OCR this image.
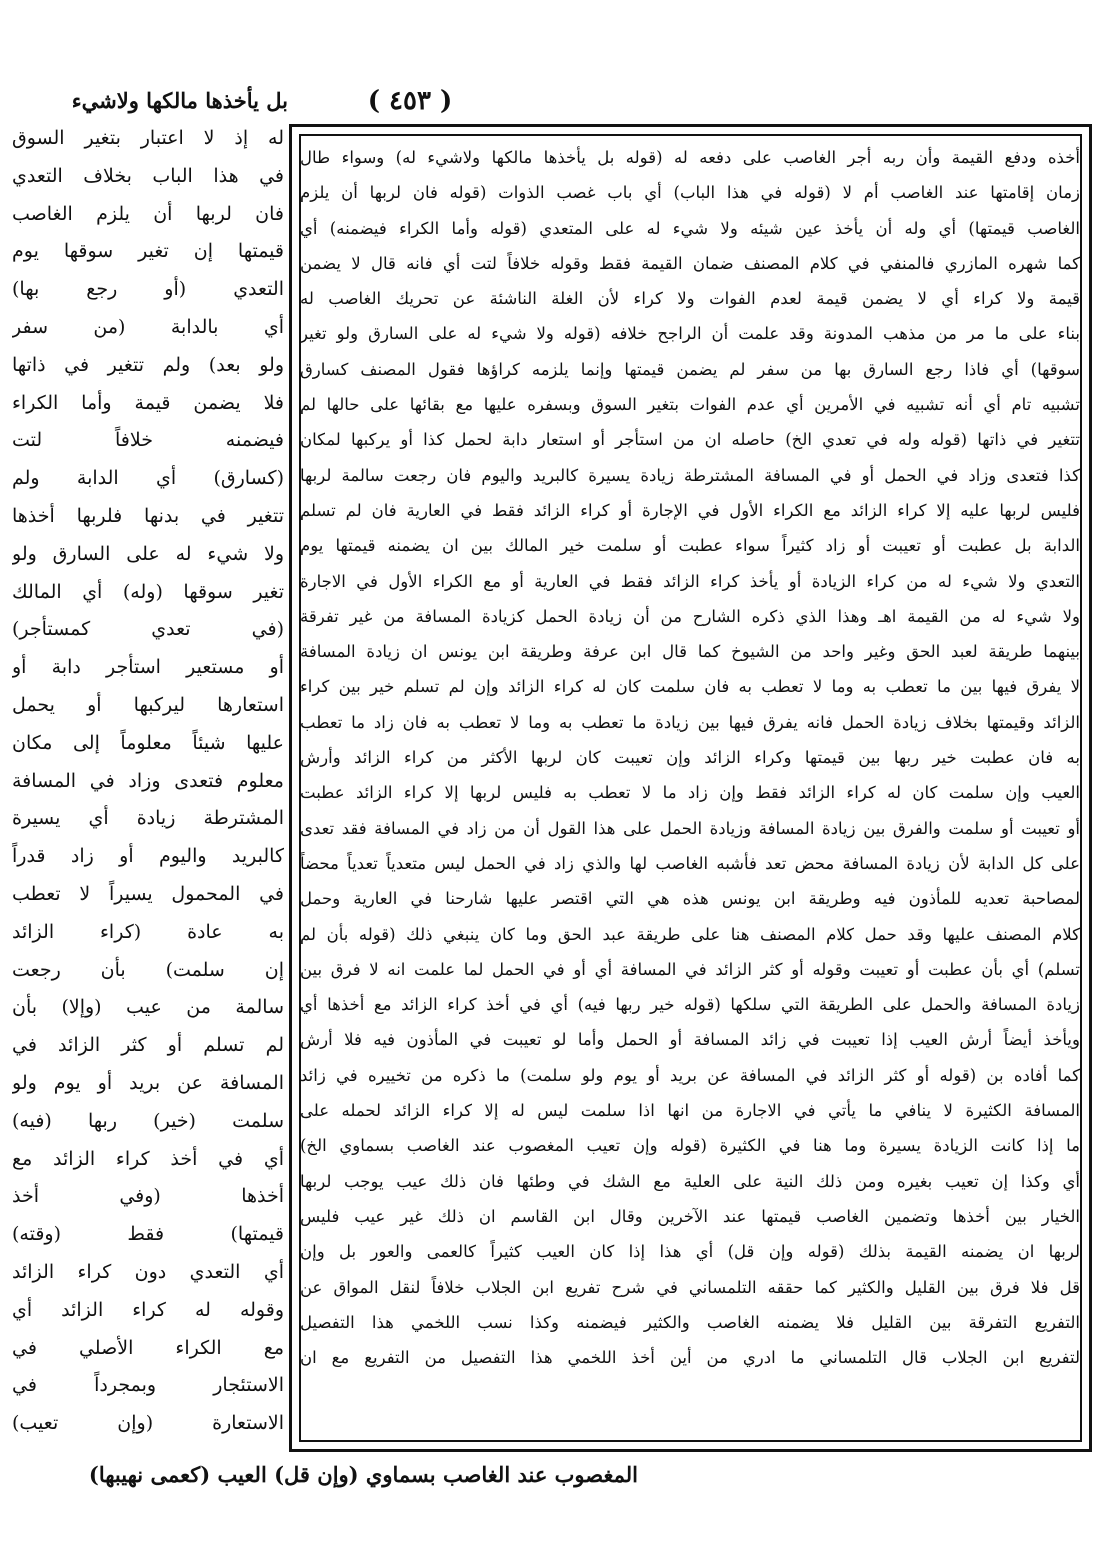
بل يأخذها مالكها ولاشيء	( ٤٥٣ )
أخذه ودفع القيمة وأن ربه أجر الغاصب على دفعه له (قوله بل يأخذها مالكها ولاشيء له) وسواء طال
زمان إقامتها عند الغاصب أم لا (قوله في هذا الباب) أي باب غصب الذوات (قوله فان لربها أن يلزم
الغاصب قيمتها) أي وله أن يأخذ عين شيئه ولا شيء له على المتعدي (قوله وأما الكراء فيضمنه) أي
كما شهره المازري فالمنفي في كلام المصنف ضمان القيمة فقط وقوله خلافاً لتت أي فانه قال لا يضمن
قيمة ولا كراء أي لا يضمن قيمة لعدم الفوات ولا كراء لأن الغلة الناشئة عن تحريك الغاصب له
بناء على ما مر من مذهب المدونة وقد علمت أن الراجح خلافه (قوله ولا شيء له على السارق ولو تغير
سوقها) أي فاذا رجع السارق بها من سفر لم يضمن قيمتها وإنما يلزمه كراؤها فقول المصنف كسارق
تشبيه تام أي أنه تشبيه في الأمرين أي عدم الفوات بتغير السوق وبسفره عليها مع بقائها على حالها لم
تتغير في ذاتها (قوله وله في تعدي الخ) حاصله ان من استأجر أو استعار دابة لحمل كذا أو يركبها لمكان
كذا فتعدى وزاد في الحمل أو في المسافة المشترطة زيادة يسيرة كالبريد واليوم فان رجعت سالمة لربها
فليس لربها عليه إلا كراء الزائد مع الكراء الأول في الإجارة أو كراء الزائد فقط في العارية فان لم تسلم
الدابة بل عطبت أو تعيبت أو زاد كثيراً سواء عطبت أو سلمت خير المالك بين ان يضمنه قيمتها يوم
التعدي ولا شيء له من كراء الزيادة أو يأخذ كراء الزائد فقط في العارية أو مع الكراء الأول في الاجارة
ولا شيء له من القيمة اهـ وهذا الذي ذكره الشارح من أن زيادة الحمل كزيادة المسافة من غير تفرقة
بينهما طريقة لعبد الحق وغير واحد من الشيوخ كما قال ابن عرفة وطريقة ابن يونس ان زيادة المسافة
لا يفرق فيها بين ما تعطب به وما لا تعطب به فان سلمت كان له كراء الزائد وإن لم تسلم خير بين كراء
الزائد وقيمتها بخلاف زيادة الحمل فانه يفرق فيها بين زيادة ما تعطب به وما لا تعطب به فان زاد ما تعطب
به فان عطبت خير ربها بين قيمتها وكراء الزائد وإن تعيبت كان لربها الأكثر من كراء الزائد وأرش
العيب وإن سلمت كان له كراء الزائد فقط وإن زاد ما لا تعطب به فليس لربها إلا كراء الزائد عطبت
أو تعيبت أو سلمت والفرق بين زيادة المسافة وزيادة الحمل على هذا القول أن من زاد في المسافة فقد تعدى
على كل الدابة لأن زيادة المسافة محض تعد فأشبه الغاصب لها والذي زاد في الحمل ليس متعدياً تعدياً محضاً
لمصاحبة تعديه للمأذون فيه وطريقة ابن يونس هذه هي التي اقتصر عليها شارحنا في العارية وحمل
كلام المصنف عليها وقد حمل كلام المصنف هنا على طريقة عبد الحق وما كان ينبغي ذلك (قوله بأن لم
تسلم) أي بأن عطبت أو تعيبت وقوله أو كثر الزائد في المسافة أي أو في الحمل لما علمت انه لا فرق بين
زيادة المسافة والحمل على الطريقة التي سلكها (قوله خير ربها فيه) أي في أخذ كراء الزائد مع أخذها أي
ويأخذ أيضاً أرش العيب إذا تعيبت في زائد المسافة أو الحمل وأما لو تعيبت في المأذون فيه فلا أرش
كما أفاده بن (قوله أو كثر الزائد في المسافة عن بريد أو يوم ولو سلمت) ما ذكره من تخييره في زائد
المسافة الكثيرة لا ينافي ما يأتي في الاجارة من انها اذا سلمت ليس له إلا كراء الزائد لحمله على
ما إذا كانت الزيادة يسيرة وما هنا في الكثيرة (قوله وإن تعيب المغصوب عند الغاصب بسماوي الخ)
أي وكذا إن تعيب بغيره ومن ذلك النية على العلية مع الشك في وطئها فان ذلك عيب يوجب لربها
الخيار بين أخذها وتضمين الغاصب قيمتها عند الآخرين وقال ابن القاسم ان ذلك غير عيب فليس
لربها ان يضمنه القيمة بذلك (قوله وإن قل) أي هذا إذا كان العيب كثيراً كالعمى والعور بل وإن
قل فلا فرق بين القليل والكثير كما حققه التلمساني في شرح تفريع ابن الجلاب خلافاً لنقل المواق عن
التفريع التفرقة بين القليل فلا يضمنه الغاصب والكثير فيضمنه وكذا نسب اللخمي هذا التفصيل
لتفريع ابن الجلاب قال التلمساني ما ادري من أين أخذ اللخمي هذا التفصيل من التفريع مع ان
له إذ لا اعتبار بتغير السوق
في هذا الباب بخلاف التعدي
فان لربها أن يلزم الغاصب
قيمتها إن تغير سوقها يوم
التعدي (أو رجع بها)
أي بالدابة (من سفر
ولو بعد) ولم تتغير في ذاتها
فلا يضمن قيمة وأما الكراء
فيضمنه خلافاً لتت
(كسارق) أي الدابة ولم
تتغير في بدنها فلربها أخذها
ولا شيء له على السارق ولو
تغير سوقها (وله) أي المالك
(في تعدي كمستأجر)
أو مستعير استأجر دابة أو
استعارها ليركبها أو يحمل
عليها شيئاً معلوماً إلى مكان
معلوم فتعدى وزاد في المسافة
المشترطة زيادة أي يسيرة
كالبريد واليوم أو زاد قدراً
في المحمول يسيراً لا تعطب
به عادة (كراء الزائد
إن سلمت) بأن رجعت
سالمة من عيب (وإلا) بأن
لم تسلم أو كثر الزائد في
المسافة عن بريد أو يوم ولو
سلمت (خير) ربها (فيه)
أي في أخذ كراء الزائد مع
أخذها (وفي أخذ
قيمتها) فقط (وقته)
أي التعدي دون كراء الزائد
وقوله له كراء الزائد أي
مع الكراء الأصلي في
الاستئجار وبمجرداً في
الاستعارة (وإن تعيب)
المغصوب عند الغاصب بسماوي (وإن قل) العيب (كعمى نهيبها)
